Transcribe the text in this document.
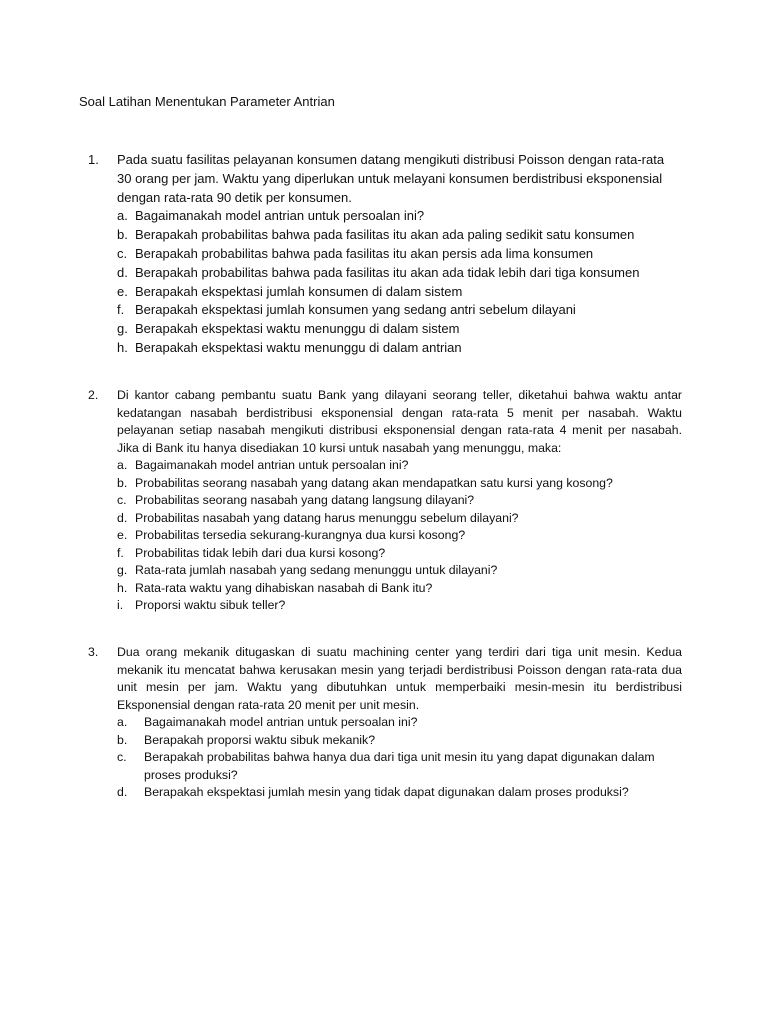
Soal Latihan Menentukan Parameter Antrian
1. Pada suatu fasilitas pelayanan konsumen datang mengikuti distribusi Poisson dengan rata-rata 30 orang per jam. Waktu yang diperlukan untuk melayani konsumen berdistribusi eksponensial dengan rata-rata 90 detik per konsumen.
a. Bagaimanakah model antrian untuk persoalan ini?
b. Berapakah probabilitas bahwa pada fasilitas itu akan ada paling sedikit satu konsumen
c. Berapakah probabilitas bahwa pada fasilitas itu akan persis ada lima konsumen
d. Berapakah probabilitas bahwa pada fasilitas itu akan ada tidak lebih dari tiga konsumen
e. Berapakah ekspektasi jumlah konsumen di dalam sistem
f. Berapakah ekspektasi jumlah konsumen yang sedang antri sebelum dilayani
g. Berapakah ekspektasi waktu menunggu di dalam sistem
h. Berapakah ekspektasi waktu menunggu di dalam antrian
2. Di kantor cabang pembantu suatu Bank yang dilayani seorang teller, diketahui bahwa waktu antar kedatangan nasabah berdistribusi eksponensial dengan rata-rata 5 menit per nasabah. Waktu pelayanan setiap nasabah mengikuti distribusi eksponensial dengan rata-rata 4 menit per nasabah. Jika di Bank itu hanya disediakan 10 kursi untuk nasabah yang menunggu, maka:
a. Bagaimanakah model antrian untuk persoalan ini?
b. Probabilitas seorang nasabah yang datang akan mendapatkan satu kursi yang kosong?
c. Probabilitas seorang nasabah yang datang langsung dilayani?
d. Probabilitas nasabah yang datang harus menunggu sebelum dilayani?
e. Probabilitas tersedia sekurang-kurangnya dua kursi kosong?
f. Probabilitas tidak lebih dari dua kursi kosong?
g. Rata-rata jumlah nasabah yang sedang menunggu untuk dilayani?
h. Rata-rata waktu yang dihabiskan nasabah di Bank itu?
i. Proporsi waktu sibuk teller?
3. Dua orang mekanik ditugaskan di suatu machining center yang terdiri dari tiga unit mesin. Kedua mekanik itu mencatat bahwa kerusakan mesin yang terjadi berdistribusi Poisson dengan rata-rata dua unit mesin per jam. Waktu yang dibutuhkan untuk memperbaiki mesin-mesin itu berdistribusi Eksponensial dengan rata-rata 20 menit per unit mesin.
a. Bagaimanakah model antrian untuk persoalan ini?
b. Berapakah proporsi waktu sibuk mekanik?
c. Berapakah probabilitas bahwa hanya dua dari tiga unit mesin itu yang dapat digunakan dalam proses produksi?
d. Berapakah ekspektasi jumlah mesin yang tidak dapat digunakan dalam proses produksi?
